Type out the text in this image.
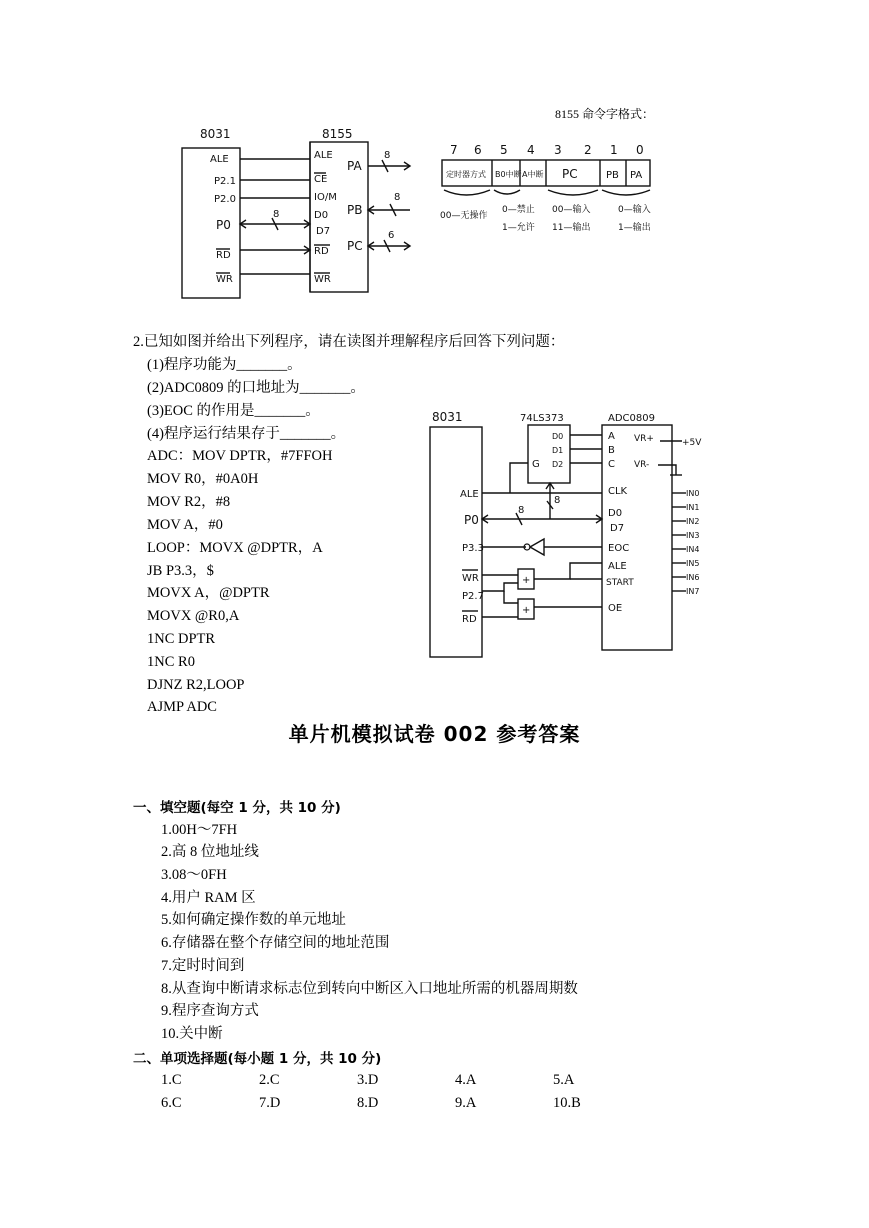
8155 命令字格式：
8031
ALE
P2.1
P2.0
P0
RD
WR
8155
ALE
CE
IO/M
D0
D7
RD
WR
PA
PB
PC
8
8
8
6
7 6 5 4 3 2 1 0
定时器方式 B0中断 A中断 PC	PB PA
00—无操作
0—禁止
1—允许
00—输入
11—输出
0—输入
1—输出
2.已知如图并给出下列程序，请在读图并理解程序后回答下列问题：
(1)程序功能为_______。
(2)ADC0809 的口地址为_______。
(3)EOC 的作用是_______。
(4)程序运行结果存于_______。
ADC：MOV DPTR，#7FFOH
MOV R0，#0A0H
MOV R2，#8
MOV A，#0
LOOP：MOVX @DPTR，A
JB P3.3，$
MOVX A，@DPTR
MOVX @R0,A
1NC DPTR
1NC R0
DJNZ R2,LOOP
AJMP ADC
8031
ALE
P0
P3.3
WR
P2.7
RD
74LS373
D0
D1
D2
G
ADC0809
A
B
C
CLK
D0
D7
EOC
ALE
START
OE
VR+
VR-
+5V
IN0
IN1
IN2
IN3
IN4
IN5
IN6
IN7
8
8
+
+
单片机模拟试卷 002 参考答案
一、填空题(每空 1 分，共 10 分)
1.00H～7FH
2.高 8 位地址线
3.08～0FH
4.用户 RAM 区
5.如何确定操作数的单元地址
6.存储器在整个存储空间的地址范围
7.定时时间到
8.从查询中断请求标志位到转向中断区入口地址所需的机器周期数
9.程序查询方式
10.关中断
二、单项选择题(每小题 1 分，共 10 分)
1.C	2.C	3.D	4.A	5.A
6.C	7.D	8.D	9.A	10.B
